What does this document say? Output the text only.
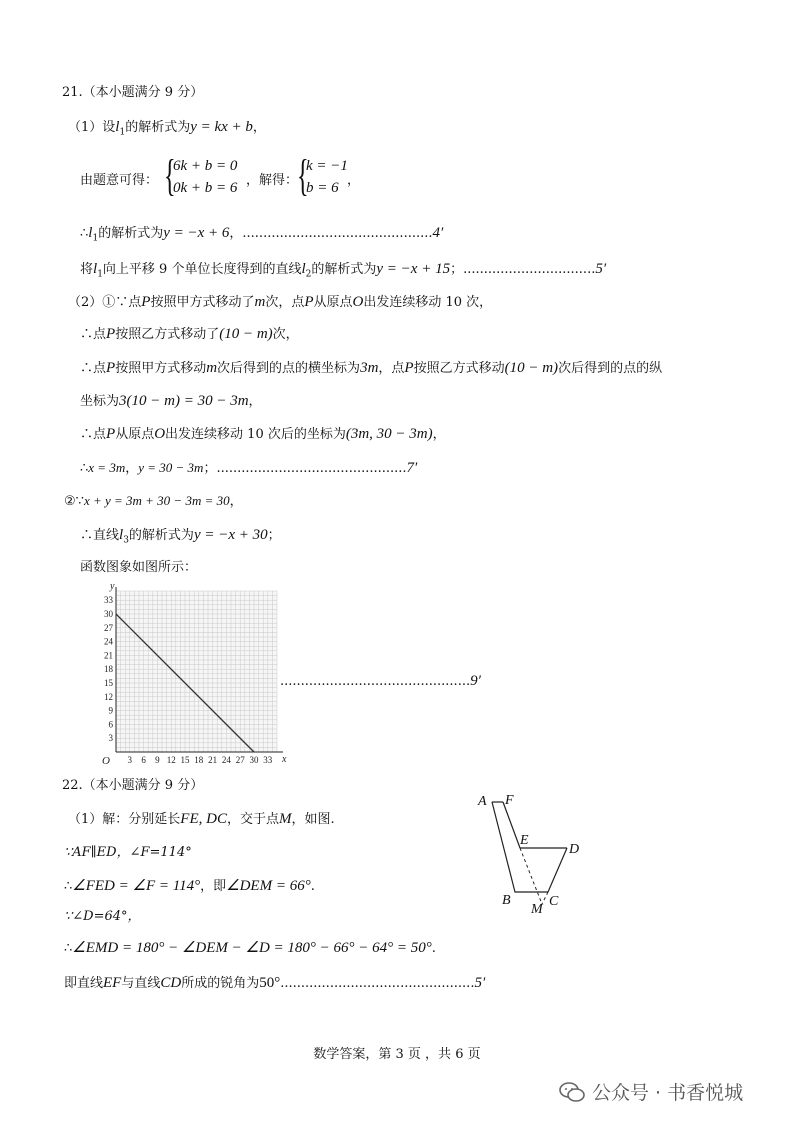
21.（本小题满分 9 分）
（1）设$l_1$的解析式为y = kx + b，
由题意可得： {
6k + b = 0
0k + b = 6 ，解得：
{
k = −1
b = 6 ，
$\therefore l_1$的解析式为y = −x + 6，..............................................4′
将$l_1$向上平移 9 个单位长度得到的直线$l_2$的解析式为y = −x + 15；................................5′
（2）①∵点P按照甲方式移动了m次，点P从原点O出发连续移动 10 次，
∴点P按照乙方式移动了(10 − m)次，
∴点P按照甲方式移动m次后得到的点的横坐标为3m，点P按照乙方式移动(10 − m)次后得到的点的纵
坐标为3(10 − m) = 30 − 3m，
∴点P从原点O出发连续移动 10 次后的坐标为(3m, 30 − 3m)，
∴x = 3m，y = 30 − 3m；..............................................7′
②∵x + y = 3m + 30 − 3m = 30，
∴直线$l_3$的解析式为y = −x + 30；
函数图象如图所示：
3
6
9
12
15
18
21
24
27
30
33
3 6 9 12 15 18 21 24 27 30 33
y
x
O
..............................................9′
22.（本小题满分 9 分）
（1）解：分别延长FE, DC，交于点M，如图.
∵AF∥ED，∠F=114°
∴∠FED = ∠F = 114°，即∠DEM = 66°.
∵∠D=64°，
∴∠EMD = 180° − ∠DEM − ∠D = 180° − 66° − 64° = 50°.
即直线EF与直线CD所成的锐角为50°...............................................5′
A F
E
D
B
M
C
数学答案，第 3 页 ，共 6 页
公众号 · 书香悦城
